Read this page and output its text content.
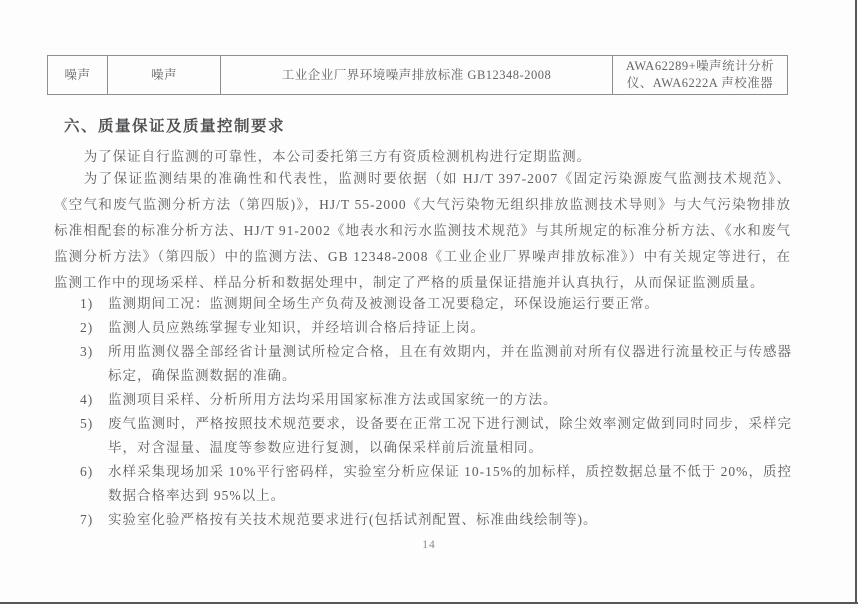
噪声	噪声	工业企业厂界环境噪声排放标准 GB12348-2008	AWA62289+噪声统计分析仪、AWA6222A 声校准器
六、质量保证及质量控制要求

为了保证自行监测的可靠性，本公司委托第三方有资质检测机构进行定期监测。

为了保证监测结果的准确性和代表性，监测时要依据（如 HJ/T 397-2007《固定污染源废气监测技术规范》、《空气和废气监测分析方法（第四版)》，HJ/T 55-2000《大气污染物无组织排放监测技术导则》与大气污染物排放标准相配套的标准分析方法、HJ/T 91-2002《地表水和污水监测技术规范》与其所规定的标准分析方法、《水和废气监测分析方法》（第四版）中的监测方法、GB 12348-2008《工业企业厂界噪声排放标准》）中有关规定等进行，在监测工作中的现场采样、样品分析和数据处理中，制定了严格的质量保证措施并认真执行，从而保证监测质量。

1)	监测期间工况：监测期间全场生产负荷及被测设备工况要稳定，环保设施运行要正常。
2)	监测人员应熟练掌握专业知识，并经培训合格后持证上岗。
3)	所用监测仪器全部经省计量测试所检定合格，且在有效期内，并在监测前对所有仪器进行流量校正与传感器标定，确保监测数据的准确。
4)	监测项目采样、分析所用方法均采用国家标准方法或国家统一的方法。
5)	废气监测时，严格按照技术规范要求，设备要在正常工况下进行测试，除尘效率测定做到同时同步，采样完毕，对含湿量、温度等参数应进行复测，以确保采样前后流量相同。
6)	水样采集现场加采 10%平行密码样，实验室分析应保证 10-15%的加标样，质控数据总量不低于 20%，质控数据合格率达到 95%以上。
7)	实验室化验严格按有关技术规范要求进行(包括试剂配置、标准曲线绘制等)。
14
